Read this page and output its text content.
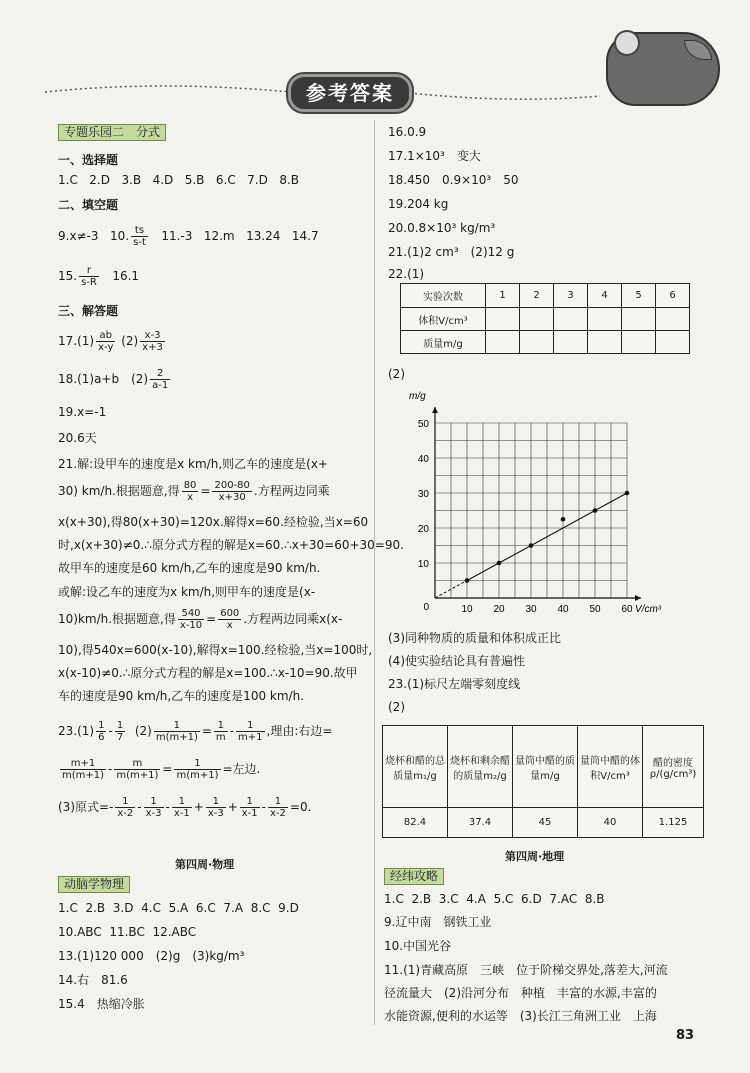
参考答案
专题乐园二　分式
一、选择题
1.C 2.D 3.B 4.D 5.B 6.C 7.D 8.B
二、填空题
9.x≠-3 10. $\frac{ts}{s-t} 11.-3$ 12.m 13.24 14.7
15. $\frac{r}{s-R} 16.1$
三、解答题
$17.(1) \frac{ab}{x-y} (2) \frac{x-3}{x+3}$
18.(1)a+b　$(2) \frac{2}{a-1}$
19.x=-1
20.6天
21.解:设甲车的速度是x km/h,则乙车的速度是(x+
30) km/h.根据题意,得 $\frac{80}{x} = \frac{200-80}{x+30}$ .方程两边同乘
x(x+30),得80(x+30)=120x.解得x=60.经检验,当x=60
时,x(x+30)≠0.∴原分式方程的解是x=60.∴x+30=60+30=90.
故甲车的速度是60 km/h,乙车的速度是90 km/h.
或解:设乙车的速度为x km/h,则甲车的速度是(x-
10)km/h.根据题意,得 $\frac{540}{x-10} = \frac{600}{x}$ .方程两边同乘x(x-
10),得540x=600(x-10),解得x=100.经检验,当x=100时,
x(x-10)≠0.∴原分式方程的解是x=100.∴x-10=90.故甲
车的速度是90 km/h,乙车的速度是100 km/h.
$23.(1) \frac{1}{6} - \frac{1}{7} (2) \frac{1}{m(m+1)} = \frac{1}{m} - \frac{1}{m+1}$ ,理由:右边=
$\frac{m+1}{m(m+1)} - \frac{m}{m(m+1)} = \frac{1}{m(m+1)}$ =左边.
(3)原式=- $\frac{1}{x-2} - \frac{1}{x-3} - \frac{1}{x-1} + \frac{1}{x-3} + \frac{1}{x-1} - \frac{1}{x-2} =0$.
第四周·物理
动脑学物理
1.C 2.B 3.D 4.C 5.A 6.C 7.A 8.C 9.D
10.ABC 11.BC 12.ABC
13.(1)120 000　(2)g　(3)kg/m³
14.右　81.6
15.4　热缩冷胀
16.0.9
17.1×10³　变大
18.450　0.9×10³　50
19.204 kg
20.0.8×10³ kg/m³
21.(1)2 cm³　(2)12 g
22.(1)
实验次数	1	2	3	4	5	6
体积V/cm³						
质量m/g						
(2)
10 20 30 40 50 60
10
20
30
40
50
0	V/cm³
m/g
(3)同种物质的质量和体积成正比
(4)使实验结论具有普遍性
23.(1)标尺左端零刻度线
(2)
烧杯和醋的总质量m₁/g	烧杯和剩余醋的质量m₂/g	量筒中醋的质量m/g	量筒中醋的体积V/cm³	醋的密度ρ/(g/cm³)
82.4	37.4	45	40	1.125
第四周·地理
经纬攻略
1.C 2.B 3.C 4.A 5.C 6.D 7.AC 8.B
9.辽中南　钢铁工业
10.中国光谷
11.(1)青藏高原　三峡　位于阶梯交界处,落差大,河流
径流量大　(2)沿河分布　种植　丰富的水源,丰富的
水能资源,便利的水运等　(3)长江三角洲工业　上海
83
